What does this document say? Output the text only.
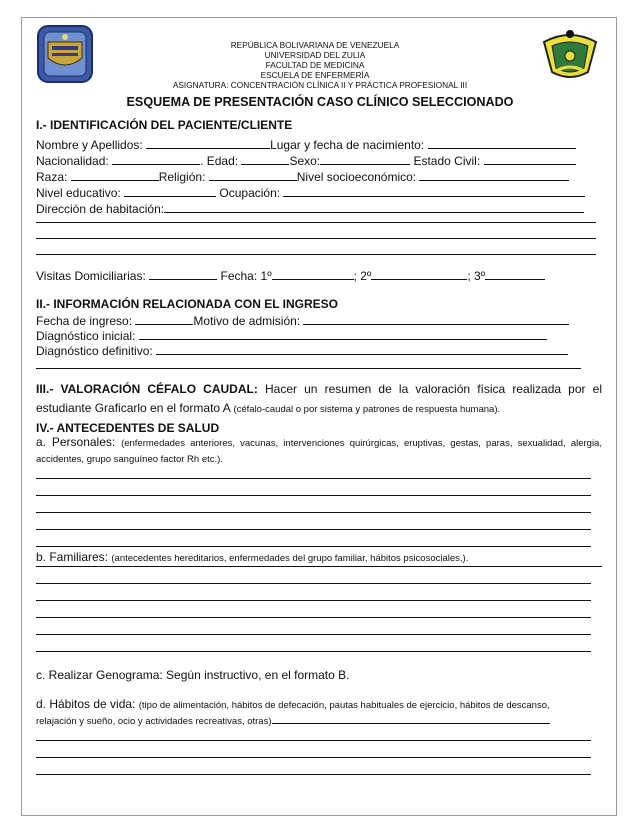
REPÚBLICA BOLIVARIANA DE VENEZUELA
UNIVERSIDAD DEL ZULIA
FACULTAD DE MEDICINA
ESCUELA DE ENFERMERÍA
ASIGNATURA: CONCENTRACIÓN CLÍNICA II Y PRÁCTICA PROFESIONAL III
ESQUEMA DE PRESENTACIÓN CASO CLÍNICO SELECCIONADO
I.- IDENTIFICACIÓN DEL PACIENTE/CLIENTE
Nombre y Apellidos:	Lugar y fecha de nacimiento:
Nacionalidad:	. Edad:	Sexo:	Estado Civil:
Raza:	Religión:	Nivel socioeconómico:
Nivel educativo:	Ocupación:
Dirección de habitación:
Visitas Domiciliarias:	Fecha: 1º	; 2º	; 3º
II.- INFORMACIÓN RELACIONADA CON EL INGRESO
Fecha de ingreso:	Motivo de admisión:
Diagnóstico inicial:
Diagnóstico definitivo:
III.- VALORACIÓN CÉFALO CAUDAL: Hacer un resumen de la valoración física realizada por el estudiante Graficarlo en el formato A (céfalo-caudal o por sistema y patrones de respuesta humana).
IV.- ANTECEDENTES DE SALUD
a. Personales: (enfermedades anteriores, vacunas, intervenciones quirúrgicas, eruptivas, gestas, paras, sexualidad, alergia, accidentes, grupo sanguíneo factor Rh etc.).
b. Familiares: (antecedentes hereditarios, enfermedades del grupo familiar, hábitos psicosociales,).
c. Realizar Genograma: Según instructivo, en el formato B.
d. Hábitos de vida: (tipo de alimentación, hábitos de defecación, pautas habituales de ejercicio, hábitos de descanso,
relajación y sueño, ocio y actividades recreativas, otras)
